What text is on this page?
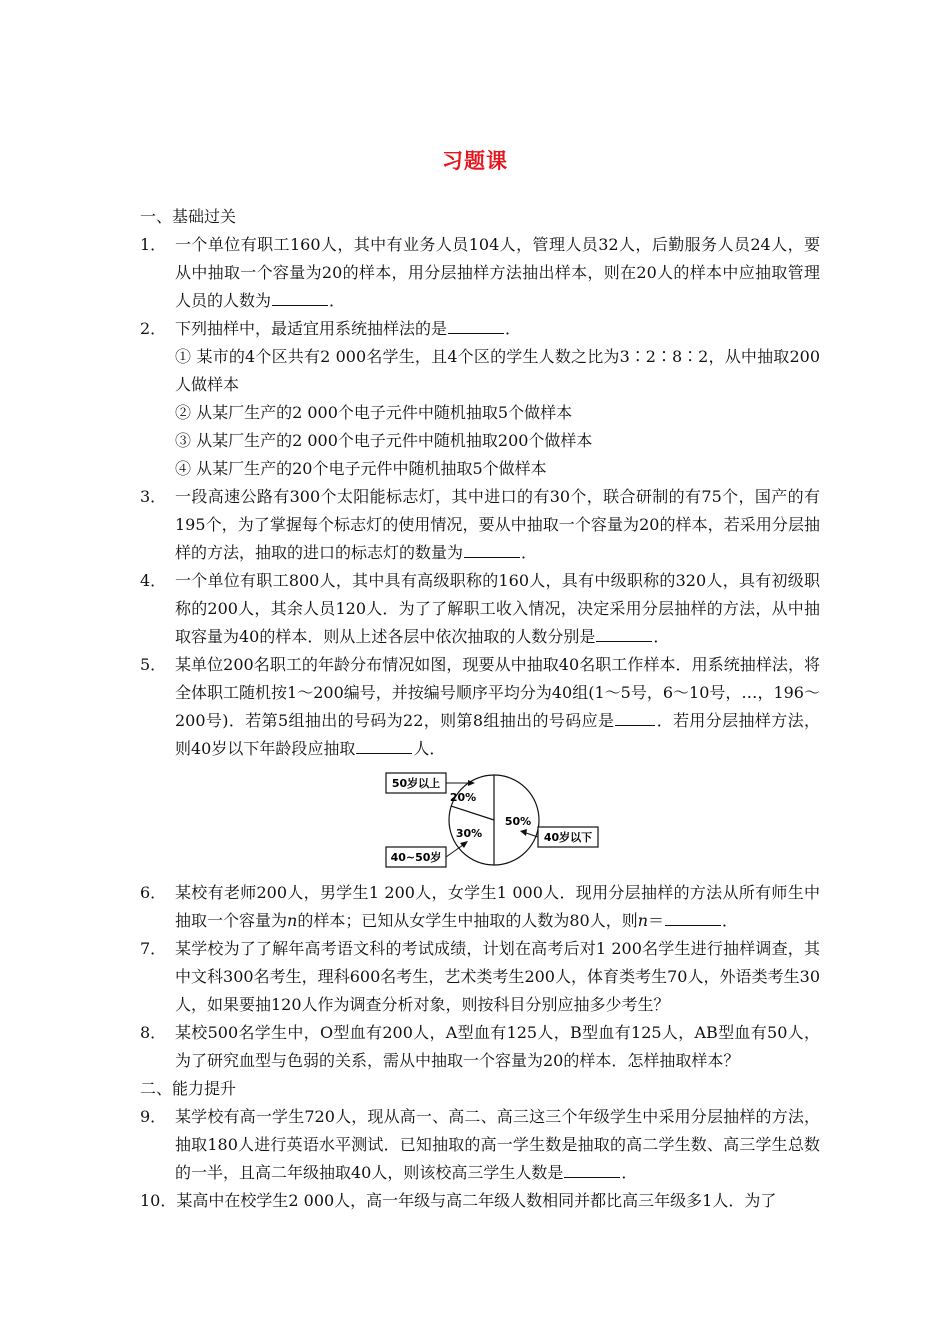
习题课
一、基础过关
1． 一个单位有职工160人，其中有业务人员104人，管理人员32人，后勤服务人员24人，要从中抽取一个容量为20的样本，用分层抽样方法抽出样本，则在20人的样本中应抽取管理人员的人数为	．
2． 下列抽样中，最适宜用系统抽样法的是	．
① 某市的4个区共有2 000名学生，且4个区的学生人数之比为3∶2∶8∶2，从中抽取200人做样本
② 从某厂生产的2 000个电子元件中随机抽取5个做样本
③ 从某厂生产的2 000个电子元件中随机抽取200个做样本
④ 从某厂生产的20个电子元件中随机抽取5个做样本
3． 一段高速公路有300个太阳能标志灯，其中进口的有30个，联合研制的有75个，国产的有195个，为了掌握每个标志灯的使用情况，要从中抽取一个容量为20的样本，若采用分层抽样的方法，抽取的进口的标志灯的数量为	．
4． 一个单位有职工800人，其中具有高级职称的160人，具有中级职称的320人，具有初级职称的200人，其余人员120人．为了了解职工收入情况，决定采用分层抽样的方法，从中抽取容量为40的样本．则从上述各层中依次抽取的人数分别是	．
5． 某单位200名职工的年龄分布情况如图，现要从中抽取40名职工作样本．用系统抽样法，将全体职工随机按1～200编号，并按编号顺序平均分为40组(1～5号，6～10号，…，196～200号)．若第5组抽出的号码为22，则第8组抽出的号码应是	．若用分层抽样方法，则40岁以下年龄段应抽取	人．
20%
30%
50%
50岁以上
40~50岁
40岁以下
6． 某校有老师200人，男学生1 200人，女学生1 000人．现用分层抽样的方法从所有师生中抽取一个容量为n的样本；已知从女学生中抽取的人数为80人，则n＝	．
7． 某学校为了了解年高考语文科的考试成绩，计划在高考后对1 200名学生进行抽样调查，其中文科300名考生，理科600名考生，艺术类考生200人，体育类考生70人，外语类考生30人，如果要抽120人作为调查分析对象，则按科目分别应抽多少考生？
8． 某校500名学生中，O型血有200人，A型血有125人，B型血有125人，AB型血有50人，为了研究血型与色弱的关系，需从中抽取一个容量为20的样本．怎样抽取样本？
二、能力提升
9． 某学校有高一学生720人，现从高一、高二、高三这三个年级学生中采用分层抽样的方法，抽取180人进行英语水平测试．已知抽取的高一学生数是抽取的高二学生数、高三学生总数的一半，且高二年级抽取40人，则该校高三学生人数是	．
10． 某高中在校学生2 000人，高一年级与高二年级人数相同并都比高三年级多1人．为了
